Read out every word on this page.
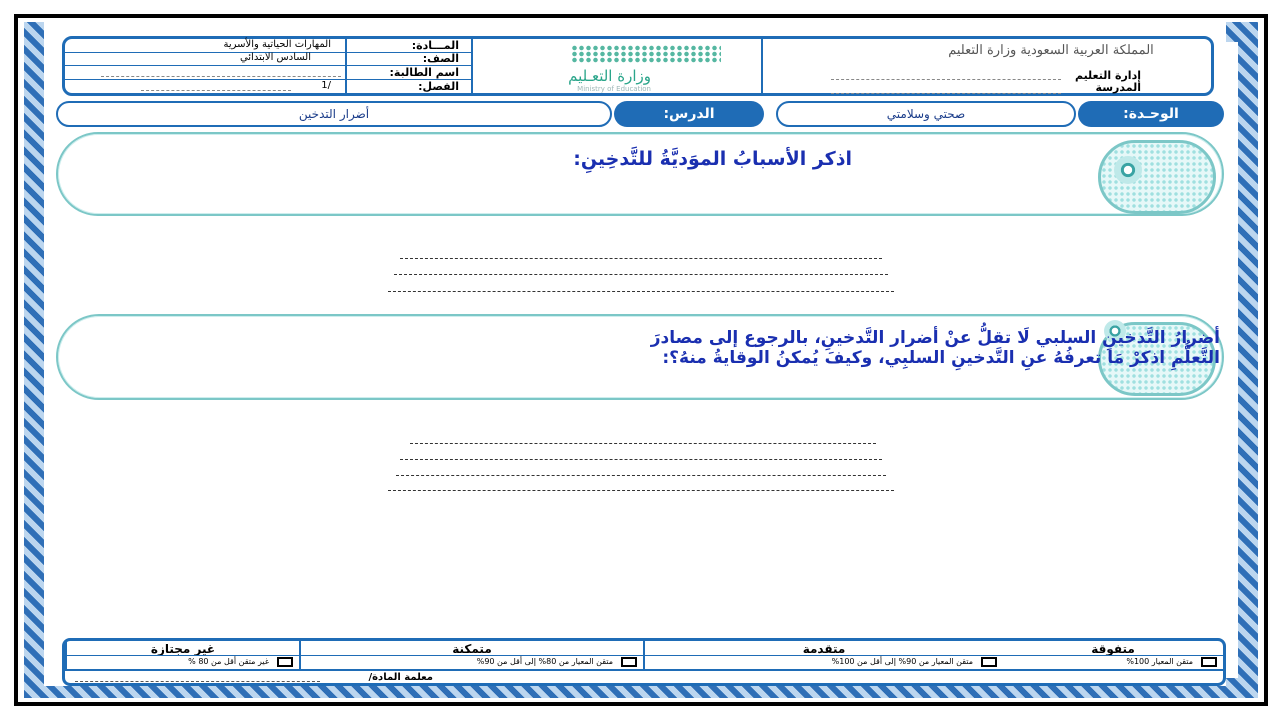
المملكة العربية السعودية وزارة التعليم
إدارة التعليم
المدرسة
وزارة التعـليم
Ministry of Education
المـــادة:
المهارات الحياتية والأسرية
الصف:
السادس الابتدائي
اسم الطالبة:
الفصل:
/1
الوحـدة:
صحتي وسلامتي
الدرس:
أضرار التدخين
اذكر الأسبابُ الموَديَّةُ للتَّدخِينِ:
أضرارُ التَّدخينِ السلبي لَا تقلُّ عنْ أضرار التَّدخينِ، بالرجوع إلى مصادرَ
التَّعلُّمِ اذكرْ مَا تعرفُهُ عنِ التَّدخينِ السلبِي، وكيفَ يُمكنُ الوقايةُ منهُ؟:
متفوقة
متقن المعيار 100%
متقدمة
متقن المعيار من 90% إلى أقل من 100%
متمكنة
متقن المعيار من 80% إلى أقل من 90%
غير مجتازة
غير متقن أقل من 80 %
معلمة المادة/
